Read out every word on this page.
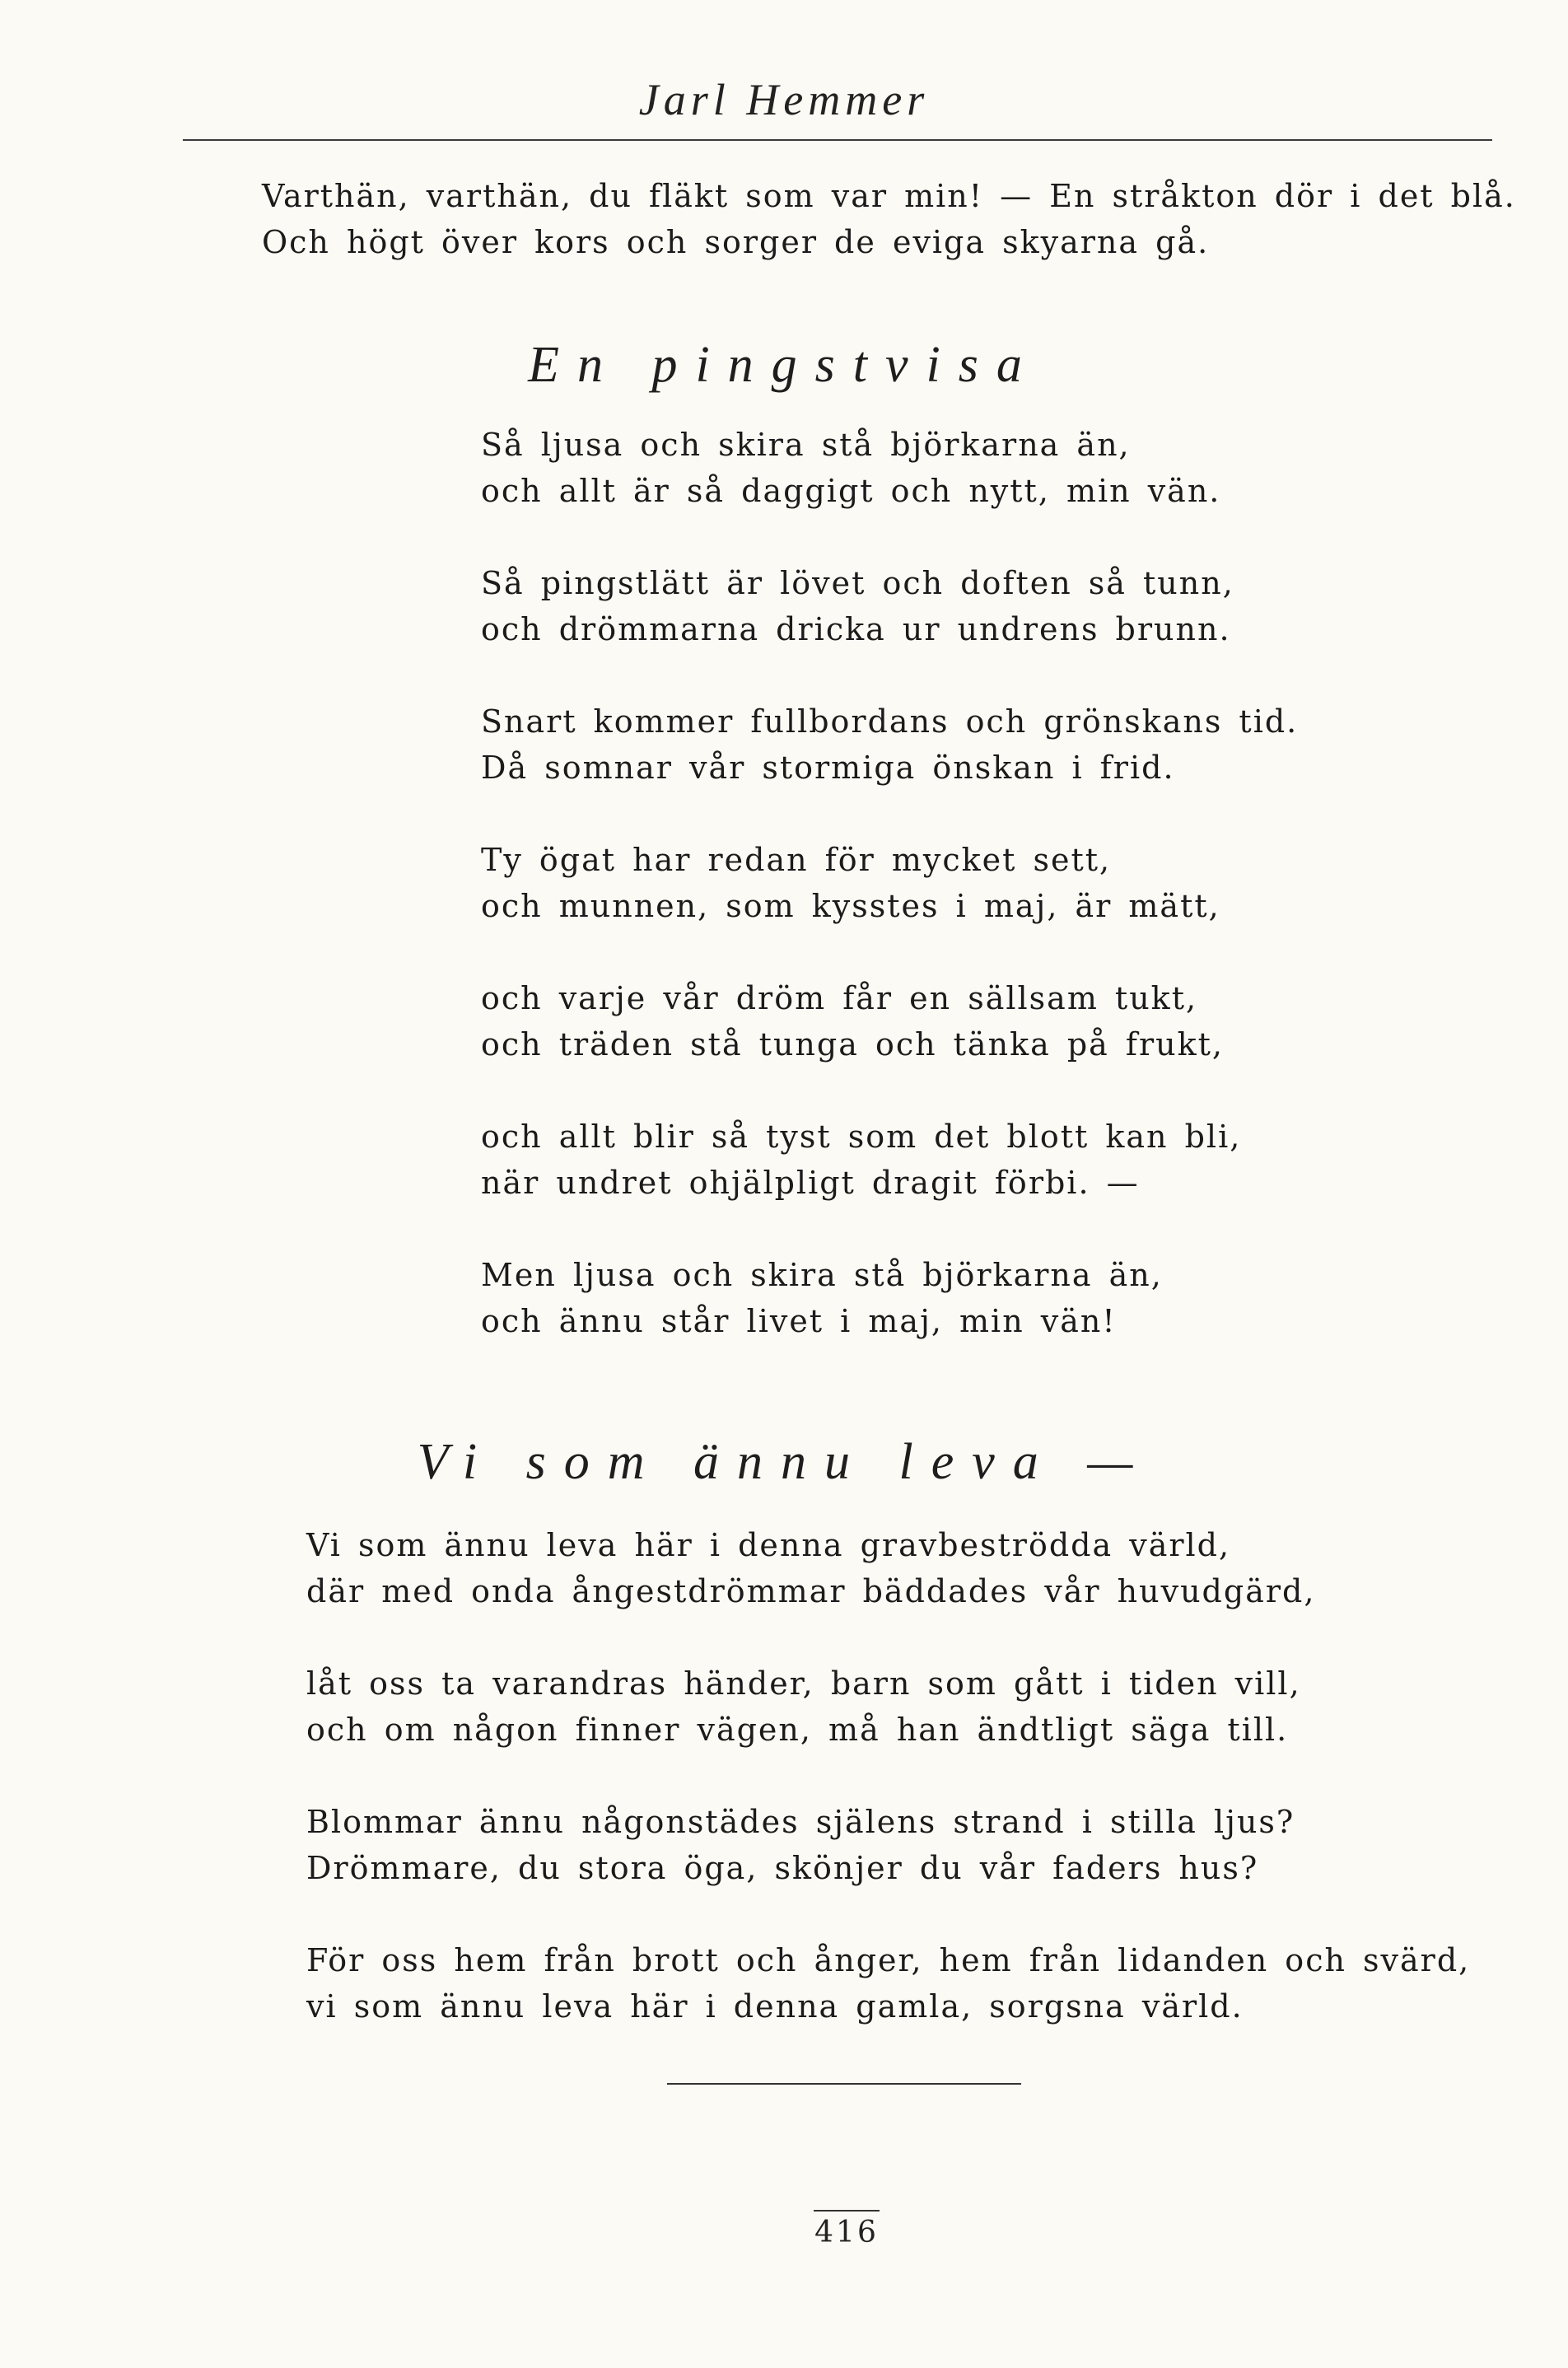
Jarl Hemmer
Varthän, varthän, du fläkt som var min! — En stråkton dör i det blå.
Och högt över kors och sorger de eviga skyarna gå.
En pingstvisa
Så ljusa och skira stå björkarna än,
och allt är så daggigt och nytt, min vän.
Så pingstlätt är lövet och doften så tunn,
och drömmarna dricka ur undrens brunn.
Snart kommer fullbordans och grönskans tid.
Då somnar vår stormiga önskan i frid.
Ty ögat har redan för mycket sett,
och munnen, som kysstes i maj, är mätt,
och varje vår dröm får en sällsam tukt,
och träden stå tunga och tänka på frukt,
och allt blir så tyst som det blott kan bli,
när undret ohjälpligt dragit förbi. —
Men ljusa och skira stå björkarna än,
och ännu står livet i maj, min vän!
Vi som ännu leva —
Vi som ännu leva här i denna gravbeströdda värld,
där med onda ångestdrömmar bäddades vår huvudgärd,
låt oss ta varandras händer, barn som gått i tiden vill,
och om någon finner vägen, må han ändtligt säga till.
Blommar ännu någonstädes själens strand i stilla ljus?
Drömmare, du stora öga, skönjer du vår faders hus?
För oss hem från brott och ånger, hem från lidanden och svärd,
vi som ännu leva här i denna gamla, sorgsna värld.
416
